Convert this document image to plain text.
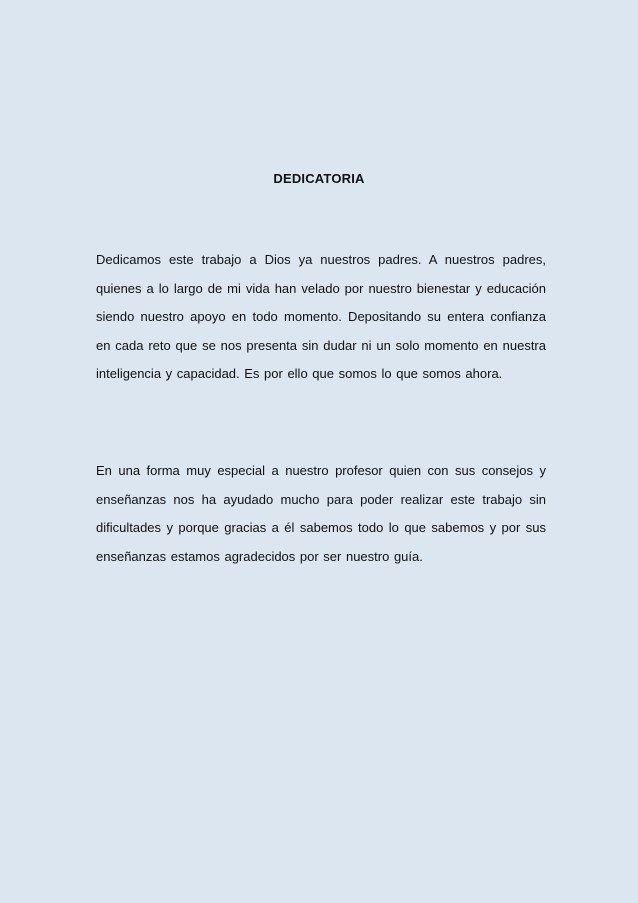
DEDICATORIA

Dedicamos este trabajo a Dios ya nuestros padres. A nuestros padres, quienes a lo largo de mi vida han velado por nuestro bienestar y educación siendo nuestro apoyo en todo momento. Depositando su entera confianza en cada reto que se nos presenta sin dudar ni un solo momento en nuestra inteligencia y capacidad. Es por ello que somos lo que somos ahora.

En una forma muy especial a nuestro profesor quien con sus consejos y enseñanzas nos ha ayudado mucho para poder realizar este trabajo sin dificultades y porque gracias a él sabemos todo lo que sabemos y por sus enseñanzas estamos agradecidos por ser nuestro guía.
